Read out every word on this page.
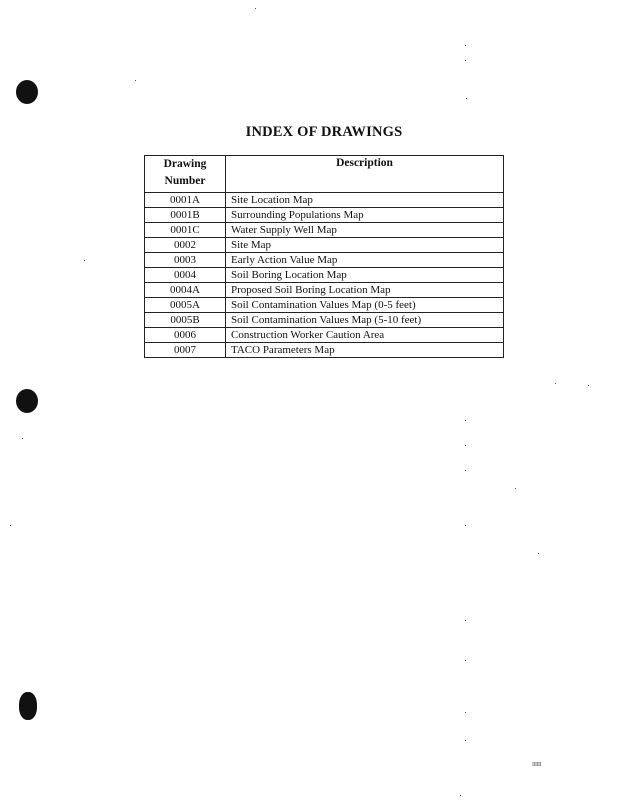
INDEX OF DRAWINGS
Drawing
Number	Description
0001A	Site Location Map
0001B	Surrounding Populations Map
0001C	Water Supply Well Map
0002	Site Map
0003	Early Action Value Map
0004	Soil Boring Location Map
0004A	Proposed Soil Boring Location Map
0005A	Soil Contamination Values Map (0-5 feet)
0005B	Soil Contamination Values Map (5-10 feet)
0006	Construction Worker Caution Area
0007	TACO Parameters Map
IIIIII
